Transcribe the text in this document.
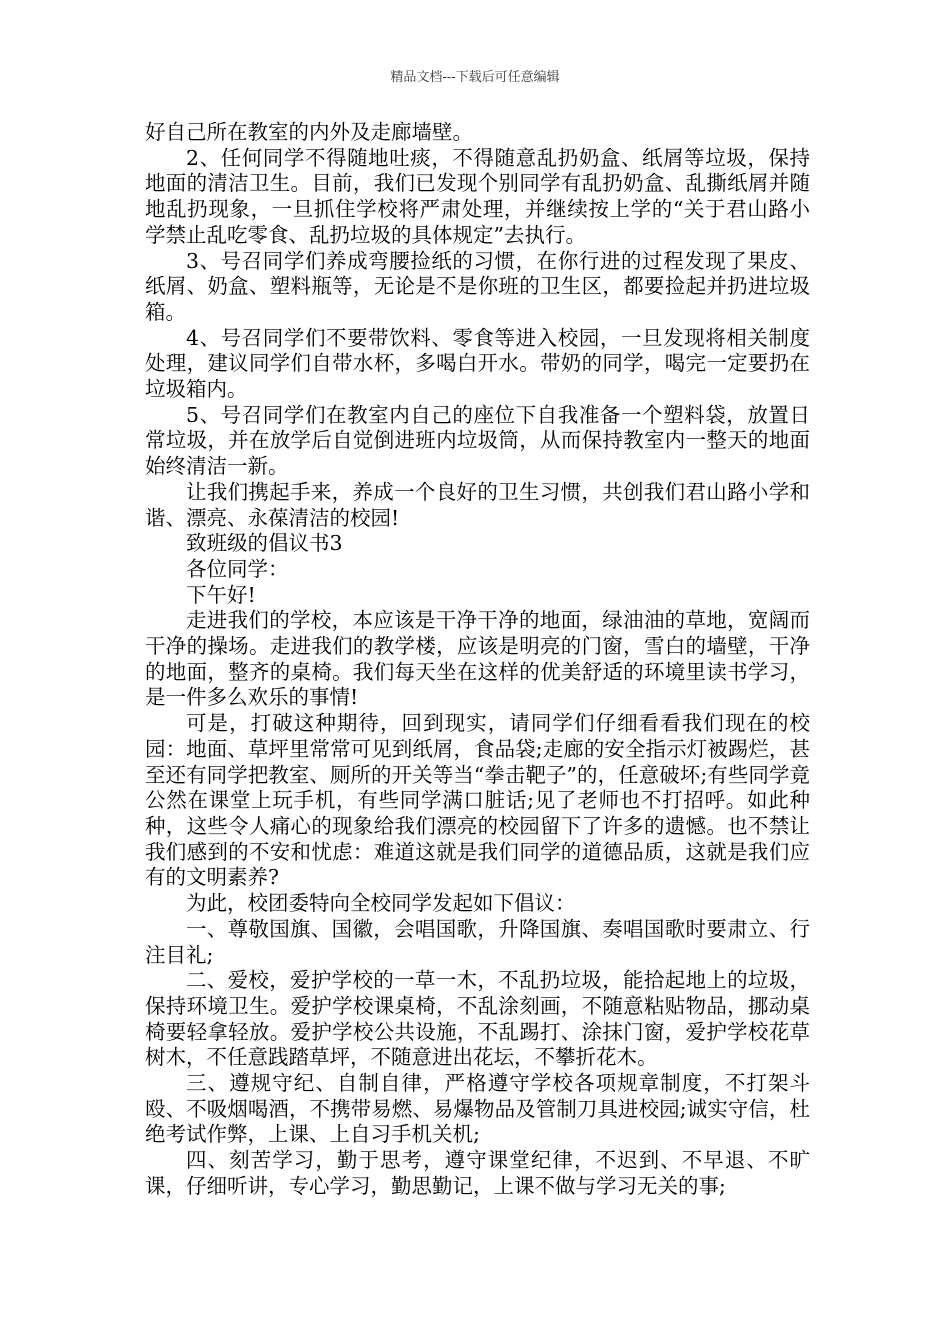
精品文档---下载后可任意编辑

好自己所在教室的内外及走廊墙壁。

2、任何同学不得随地吐痰，不得随意乱扔奶盒、纸屑等垃圾，保持地面的清洁卫生。目前，我们已发现个别同学有乱扔奶盒、乱撕纸屑并随地乱扔现象，一旦抓住学校将严肃处理，并继续按上学的“关于君山路小学禁止乱吃零食、乱扔垃圾的具体规定”去执行。

3、号召同学们养成弯腰捡纸的习惯，在你行进的过程发现了果皮、纸屑、奶盒、塑料瓶等，无论是不是你班的卫生区，都要捡起并扔进垃圾箱。

4、号召同学们不要带饮料、零食等进入校园，一旦发现将相关制度处理，建议同学们自带水杯，多喝白开水。带奶的同学，喝完一定要扔在垃圾箱内。

5、号召同学们在教室内自己的座位下自我准备一个塑料袋，放置日常垃圾，并在放学后自觉倒进班内垃圾筒，从而保持教室内一整天的地面始终清洁一新。

让我们携起手来，养成一个良好的卫生习惯，共创我们君山路小学和谐、漂亮、永葆清洁的校园!

致班级的倡议书3

各位同学：

下午好!

走进我们的学校，本应该是干净干净的地面，绿油油的草地，宽阔而干净的操场。走进我们的教学楼，应该是明亮的门窗，雪白的墙壁，干净的地面，整齐的桌椅。我们每天坐在这样的优美舒适的环境里读书学习，是一件多么欢乐的事情!

可是，打破这种期待，回到现实，请同学们仔细看看我们现在的校园：地面、草坪里常常可见到纸屑，食品袋;走廊的安全指示灯被踢烂，甚至还有同学把教室、厕所的开关等当“拳击靶子”的，任意破坏;有些同学竟公然在课堂上玩手机，有些同学满口脏话;见了老师也不打招呼。如此种种，这些令人痛心的现象给我们漂亮的校园留下了许多的遗憾。也不禁让我们感到的不安和忧虑：难道这就是我们同学的道德品质，这就是我们应有的文明素养?

为此，校团委特向全校同学发起如下倡议：

一、尊敬国旗、国徽，会唱国歌，升降国旗、奏唱国歌时要肃立、行注目礼;

二、爱校，爱护学校的一草一木，不乱扔垃圾，能拾起地上的垃圾，保持环境卫生。爱护学校课桌椅，不乱涂刻画，不随意粘贴物品，挪动桌椅要轻拿轻放。爱护学校公共设施，不乱踢打、涂抹门窗，爱护学校花草树木，不任意践踏草坪，不随意进出花坛，不攀折花木。

三、遵规守纪、自制自律，严格遵守学校各项规章制度，不打架斗殴、不吸烟喝酒，不携带易燃、易爆物品及管制刀具进校园;诚实守信，杜绝考试作弊，上课、上自习手机关机;

四、刻苦学习，勤于思考，遵守课堂纪律，不迟到、不早退、不旷课，仔细听讲，专心学习，勤思勤记，上课不做与学习无关的事;
